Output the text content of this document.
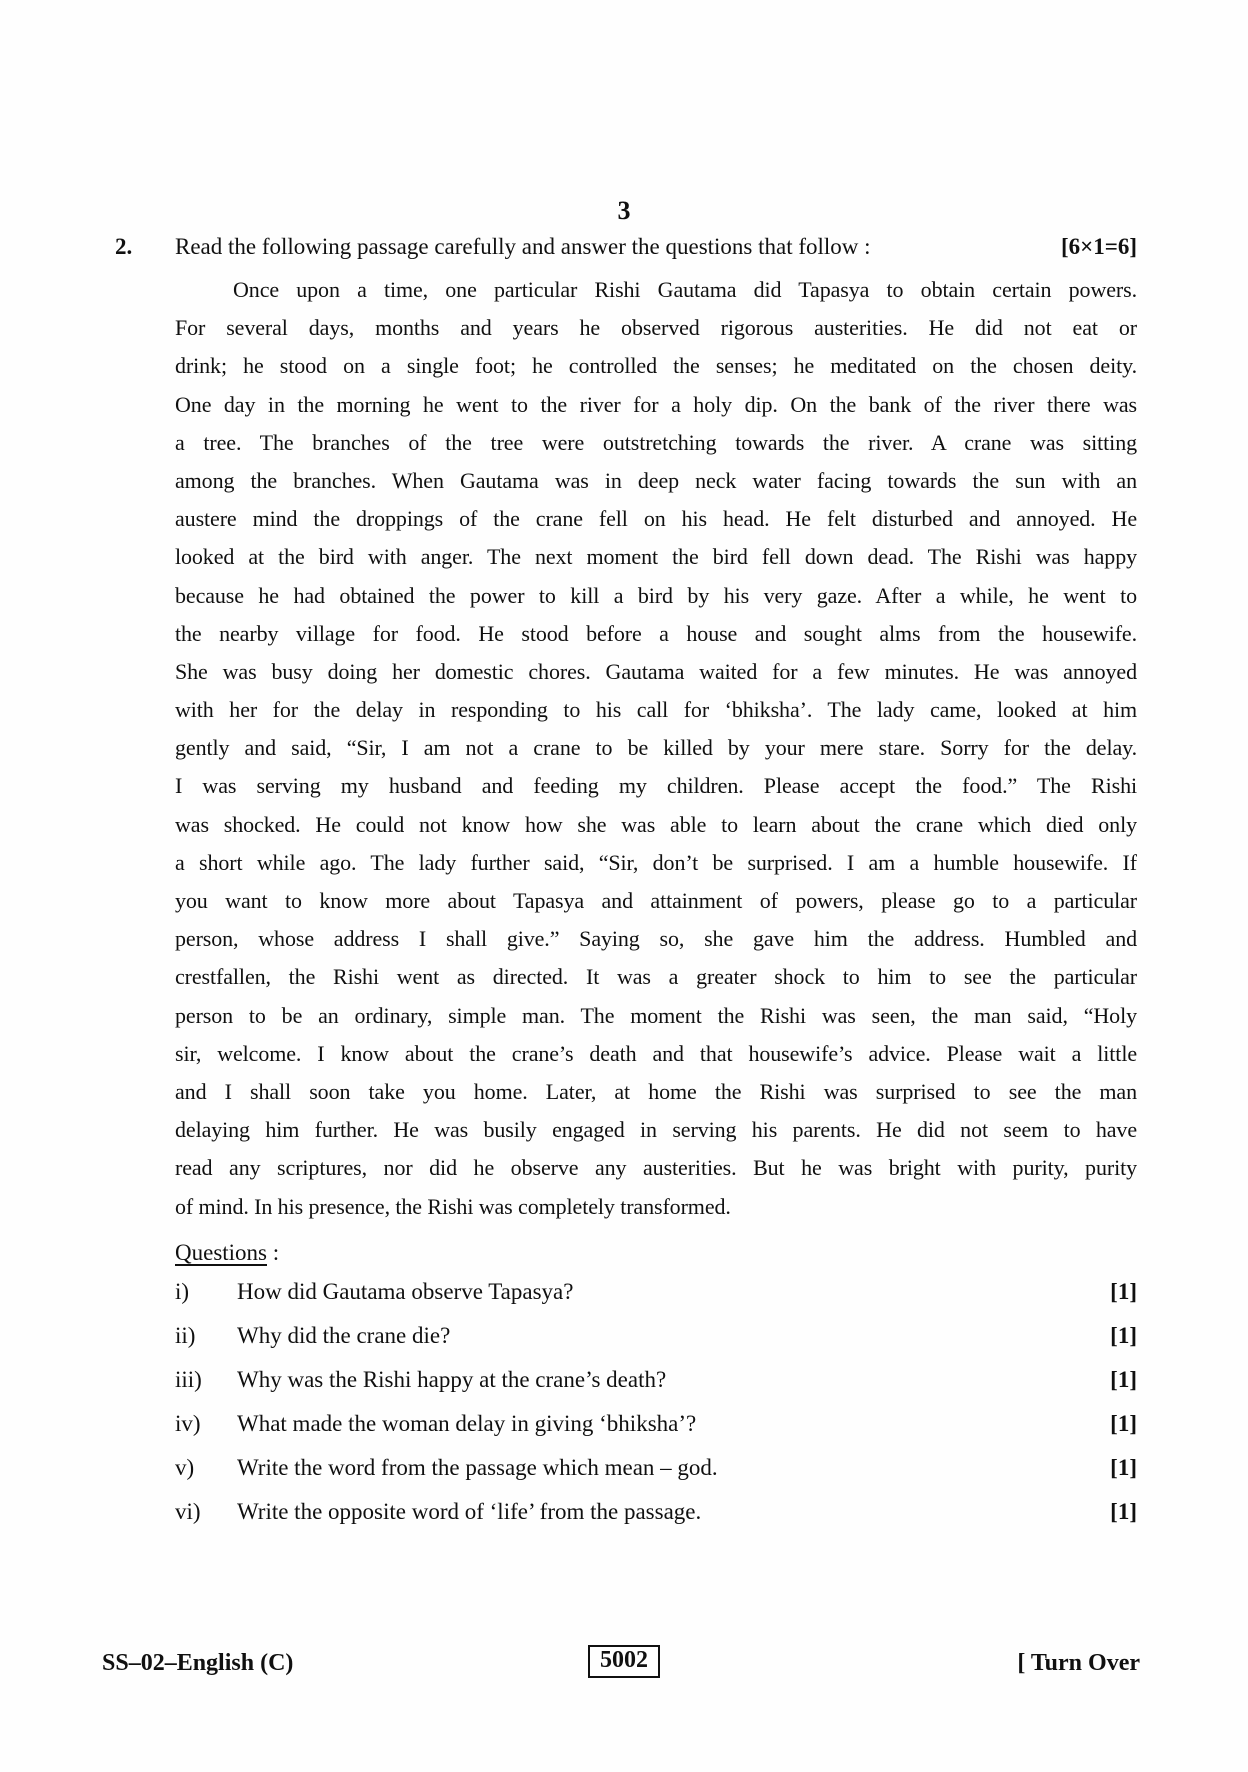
3
2.	Read the following passage carefully and answer the questions that follow :	[6×1=6]
Once upon a time, one particular Rishi Gautama did Tapasya to obtain certain powers.
For several days, months and years he observed rigorous austerities. He did not eat or
drink; he stood on a single foot; he controlled the senses; he meditated on the chosen deity.
One day in the morning he went to the river for a holy dip. On the bank of the river there was
a tree. The branches of the tree were outstretching towards the river. A crane was sitting
among the branches. When Gautama was in deep neck water facing towards the sun with an
austere mind the droppings of the crane fell on his head. He felt disturbed and annoyed. He
looked at the bird with anger. The next moment the bird fell down dead. The Rishi was happy
because he had obtained the power to kill a bird by his very gaze. After a while, he went to
the nearby village for food. He stood before a house and sought alms from the housewife.
She was busy doing her domestic chores. Gautama waited for a few minutes. He was annoyed
with her for the delay in responding to his call for ‘bhiksha’. The lady came, looked at him
gently and said, “Sir, I am not a crane to be killed by your mere stare. Sorry for the delay.
I was serving my husband and feeding my children. Please accept the food.” The Rishi
was shocked. He could not know how she was able to learn about the crane which died only
a short while ago. The lady further said, “Sir, don’t be surprised. I am a humble housewife. If
you want to know more about Tapasya and attainment of powers, please go to a particular
person, whose address I shall give.” Saying so, she gave him the address. Humbled and
crestfallen, the Rishi went as directed. It was a greater shock to him to see the particular
person to be an ordinary, simple man. The moment the Rishi was seen, the man said, “Holy
sir, welcome. I know about the crane’s death and that housewife’s advice. Please wait a little
and I shall soon take you home. Later, at home the Rishi was surprised to see the man
delaying him further. He was busily engaged in serving his parents. He did not seem to have
read any scriptures, nor did he observe any austerities. But he was bright with purity, purity
of mind. In his presence, the Rishi was completely transformed.
Questions :
i)	How did Gautama observe Tapasya?	[1]
ii)	Why did the crane die?	[1]
iii)	Why was the Rishi happy at the crane’s death?	[1]
iv)	What made the woman delay in giving ‘bhiksha’?	[1]
v)	Write the word from the passage which mean – god.	[1]
vi)	Write the opposite word of ‘life’ from the passage.	[1]
SS–02–English (C)	5002	[ Turn Over
